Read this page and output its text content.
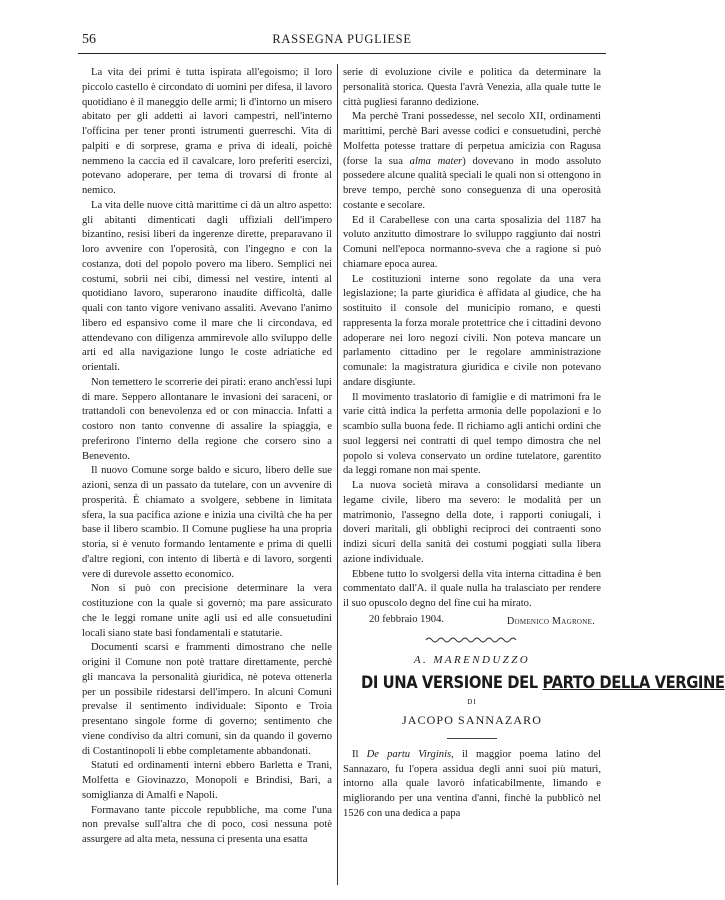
56	RASSEGNA PUGLIESE

La vita dei primi è tutta ispirata all'egoismo; il loro piccolo castello è circondato di uomini per difesa, il lavoro quotidiano è il maneggio delle armi; lì d'intorno un misero abitato per gli addetti ai lavori campestri, nell'interno l'officina per tener pronti istrumenti guerreschi. Vita di palpiti e di sorprese, grama e priva di ideali, poichè nemmeno la caccia ed il cavalcare, loro preferiti esercizi, potevano adoperare, per tema di trovarsi di fronte al nemico.

La vita delle nuove città marittime ci dà un altro aspetto: gli abitanti dimenticati dagli uffiziali dell'impero bizantino, resisi liberi da ingerenze dirette, preparavano il loro avvenire con l'operosità, con l'ingegno e con la costanza, doti del popolo povero ma libero. Semplici nei costumi, sobrii nei cibi, dimessi nel vestire, intenti al quotidiano lavoro, superarono inaudite difficoltà, dalle quali con tanto vigore venivano assaliti. Avevano l'animo libero ed espansivo come il mare che li circondava, ed attendevano con diligenza ammirevole allo sviluppo delle arti ed alla navigazione lungo le coste adriatiche ed orientali.

Non temettero le scorrerie dei pirati: erano anch'essi lupi di mare. Seppero allontanare le invasioni dei saraceni, or trattandoli con benevolenza ed or con minaccia. Infatti a costoro non tanto convenne di assalire la spiaggia, e preferirono l'interno della regione che corsero sino a Benevento.

Il nuovo Comune sorge baldo e sicuro, libero delle sue azioni, senza di un passato da tutelare, con un avvenire di prosperità. È chiamato a svolgere, sebbene in limitata sfera, la sua pacifica azione e inizia una civiltà che ha per base il libero scambio. Il Comune pugliese ha una propria storia, si è venuto formando lentamente e prima di quelli d'altre regioni, con intento di libertà e di lavoro, sorgenti vere di durevole assetto economico.

Non si può con precisione determinare la vera costituzione con la quale si governò; ma pare assicurato che le leggi romane unite agli usi ed alle consuetudini locali siano state basi fondamentali e statutarie.

Documenti scarsi e frammenti dimostrano che nelle origini il Comune non potè trattare direttamente, perchè gli mancava la personalità giuridica, nè poteva ottenerla per un possibile ridestarsi dell'impero. In alcuni Comuni prevalse il sentimento individuale: Siponto e Troia presentano singole forme di governo; sentimento che viene condiviso da altri comuni, sin da quando il governo di Costantinopoli li ebbe completamente abbandonati.

Statuti ed ordinamenti interni ebbero Barletta e Trani, Molfetta e Giovinazzo, Monopoli e Brindisi, Bari, a somiglianza di Amalfi e Napoli.

Formavano tante piccole repubbliche, ma come l'una non prevalse sull'altra che di poco, così nessuna potè assurgere ad alta meta, nessuna ci presenta una esatta

serie di evoluzione civile e politica da determinare la personalità storica. Questa l'avrà Venezia, alla quale tutte le città pugliesi faranno dedizione.

Ma perchè Trani possedesse, nel secolo XII, ordinamenti marittimi, perchè Bari avesse codici e consuetudini, perchè Molfetta potesse trattare di perpetua amicizia con Ragusa (forse la sua alma mater) dovevano in modo assoluto possedere alcune qualità speciali le quali non si ottengono in breve tempo, perchè sono conseguenza di una operosità costante e secolare.

Ed il Carabellese con una carta sposalizia del 1187 ha voluto anzitutto dimostrare lo sviluppo raggiunto dai nostri Comuni nell'epoca normanno-sveva che a ragione si può chiamare epoca aurea.

Le costituzioni interne sono regolate da una vera legislazione; la parte giuridica è affidata al giudice, che ha sostituito il console del municipio romano, e questi rappresenta la forza morale protettrice che i cittadini devono adoperare nei loro negozi civili. Non poteva mancare un parlamento cittadino per le regolare amministrazione comunale: la magistratura giuridica e civile non potevano andare disgiunte.

Il movimento traslatorio di famiglie e di matrimoni fra le varie città indica la perfetta armonia delle popolazioni e lo scambio sulla buona fede. Il richiamo agli antichi ordini che suol leggersi nei contratti di quel tempo dimostra che nel popolo si voleva conservato un ordine tutelatore, garentito da leggi romane non mai spente.

La nuova società mirava a consolidarsi mediante un legame civile, libero ma severo: le modalità per un matrimonio, l'assegno della dote, i rapporti coniugali, i doveri maritali, gli obblighi reciproci dei contraenti sono indizi sicuri della sanità dei costumi poggiati sulla libera azione individuale.

Ebbene tutto lo svolgersi della vita interna cittadina è ben commentato dall'A. il quale nulla ha tralasciato per rendere il suo opuscolo degno del fine cui ha mirato.

20 febbraio 1904.	Domenico Magrone.
A. MARENDUZZO
DI UNA VERSIONE DEL PARTO DELLA VERGINE
DI
JACOPO SANNAZARO

Il De partu Virginis, il maggior poema latino del Sannazaro, fu l'opera assidua degli anni suoi più maturi, intorno alla quale lavorò infaticabilmente, limando e migliorando per una ventina d'anni, finchè la pubblicò nel 1526 con una dedica a papa
